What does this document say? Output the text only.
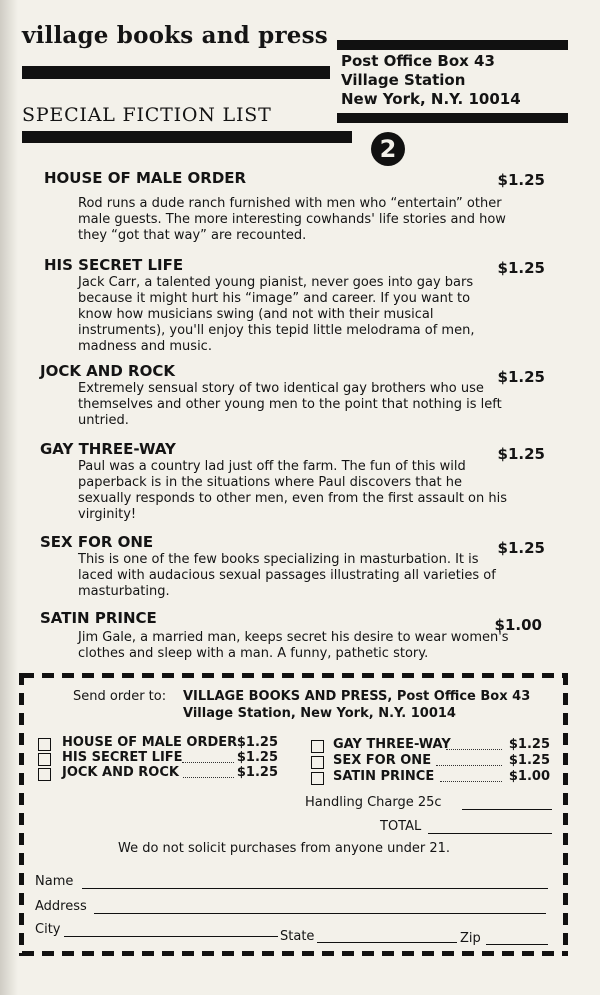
village books and press
Post Office Box 43
Village Station
New York, N.Y. 10014
SPECIAL FICTION LIST
2
HOUSE OF MALE ORDER	$1.25
Rod runs a dude ranch furnished with men who “entertain” other male guests. The more interesting cowhands' life stories and how they “got that way” are recounted.
HIS SECRET LIFE	$1.25
Jack Carr, a talented young pianist, never goes into gay bars because it might hurt his “image” and career. If you want to know how musicians swing (and not with their musical instruments), you'll enjoy this tepid little melodrama of men, madness and music.
JOCK AND ROCK	$1.25
Extremely sensual story of two identical gay brothers who use themselves and other young men to the point that nothing is left untried.
GAY THREE-WAY	$1.25
Paul was a country lad just off the farm. The fun of this wild paperback is in the situations where Paul discovers that he sexually responds to other men, even from the first assault on his virginity!
SEX FOR ONE	$1.25
This is one of the few books specializing in masturbation. It is laced with audacious sexual passages illustrating all varieties of masturbating.
SATIN PRINCE	$1.00
Jim Gale, a married man, keeps secret his desire to wear women's clothes and sleep with a man. A funny, pathetic story.
Send order to: VILLAGE BOOKS AND PRESS, Post Office Box 43
Village Station, New York, N.Y. 10014
HOUSE OF MALE ORDER $1.25
HIS SECRET LIFE	$1.25
JOCK AND ROCK	$1.25
GAY THREE-WAY	$1.25
SEX FOR ONE	$1.25
SATIN PRINCE	$1.00
Handling Charge 25c
TOTAL
We do not solicit purchases from anyone under 21.
Name
Address
City	State	Zip
